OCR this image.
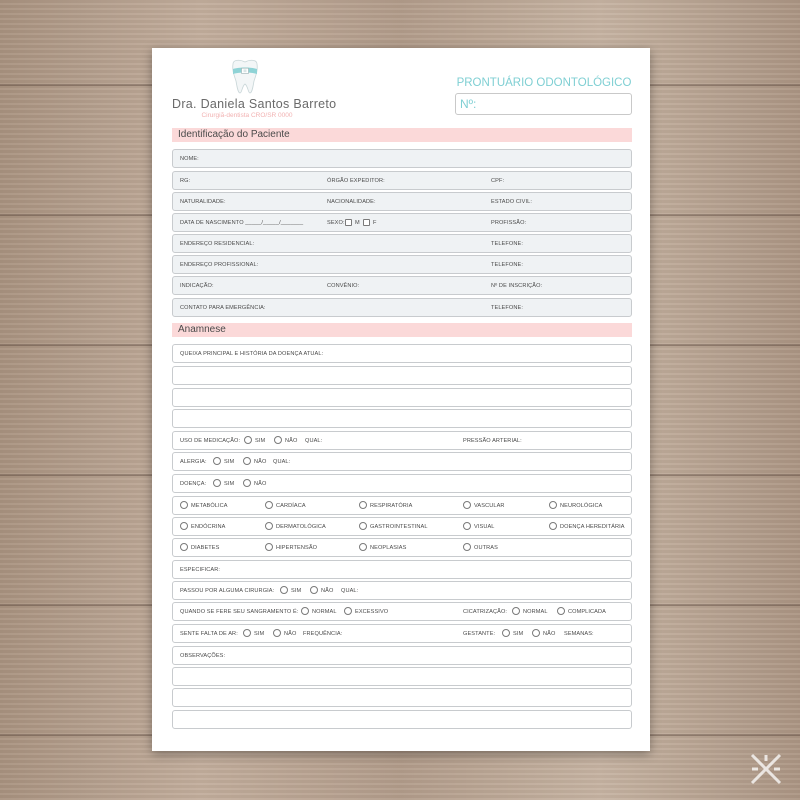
Dra. Daniela Santos Barreto
Cirurgiã-dentista CRO/SR 0000
PRONTUÁRIO ODONTOLÓGICO
Nº:
Identificação do Paciente
NOME:
RG:	ÓRGÃO EXPEDITOR:	CPF:
NATURALIDADE:	NACIONALIDADE:	ESTADO CIVIL:
DATA DE NASCIMENTO _____/_____/_______	SEXO: M F	PROFISSÃO:
ENDEREÇO RESIDENCIAL:	TELEFONE:
ENDEREÇO PROFISSIONAL:	TELEFONE:
INDICAÇÃO:	CONVÊNIO:	Nº DE INSCRIÇÃO:
CONTATO PARA EMERGÊNCIA:	TELEFONE:
Anamnese
QUEIXA PRINCIPAL E HISTÓRIA DA DOENÇA ATUAL:
USO DE MEDICAÇÃO:	SIM	NÃO QUAL:	PRESSÃO ARTERIAL:
ALERGIA:	SIM	NÃO QUAL:
DOENÇA:	SIM	NÃO
METABÓLICA	CARDÍACA	RESPIRATÓRIA	VASCULAR	NEUROLÓGICA
ENDÓCRINA	DERMATOLÓGICA	GASTROINTESTINAL	VISUAL	DOENÇA HEREDITÁRIA
DIABETES	HIPERTENSÃO	NEOPLASIAS	OUTRAS
ESPECIFICAR:
PASSOU POR ALGUMA CIRURGIA:	SIM	NÃO QUAL:
QUANDO SE FERE SEU SANGRAMENTO É: NORMAL	EXCESSIVO	CICATRIZAÇÃO:	NORMAL	COMPLICADA
SENTE FALTA DE AR:	SIM	NÃO FREQUÊNCIA:	GESTANTE:	SIM	NÃO SEMANAS:
OBSERVAÇÕES:
